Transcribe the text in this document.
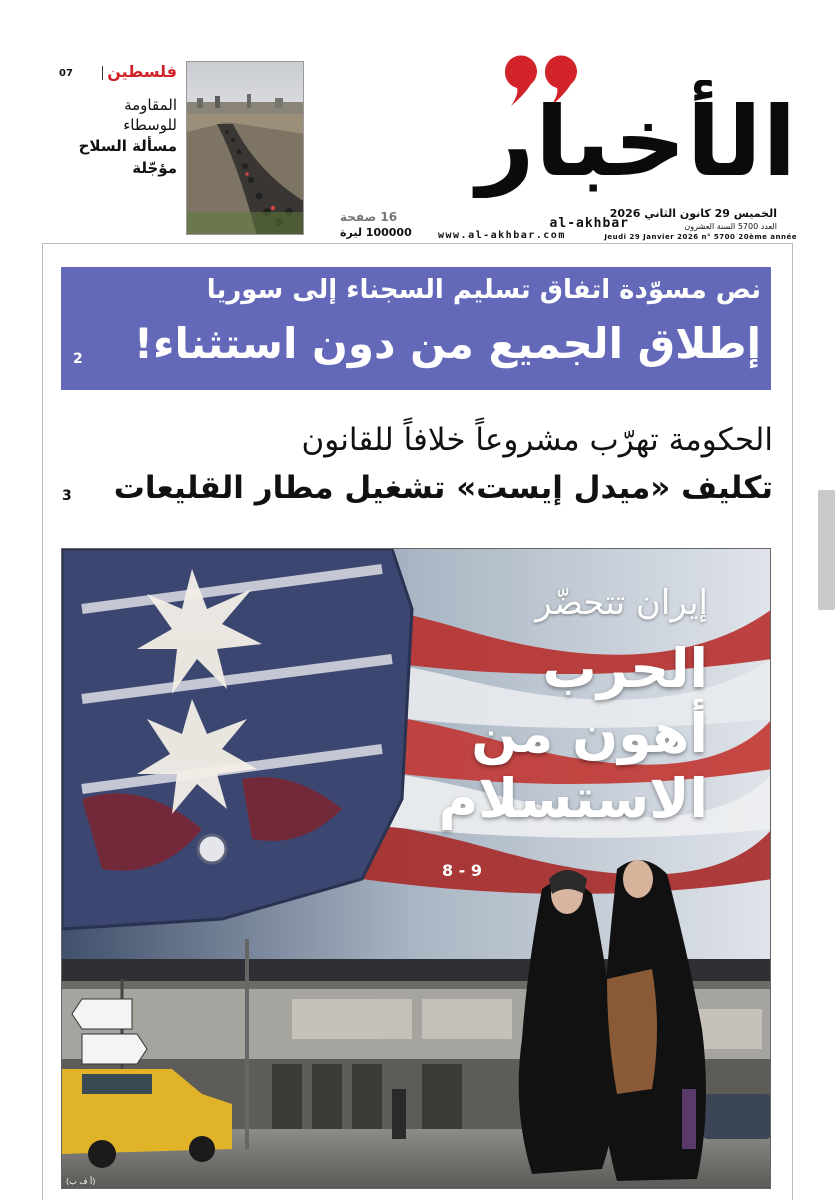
الأخبار
al-akhbar
الخميس 29 كانون الثاني 2026
العدد 5700 السنة العشرون
Jeudi 29 Janvier 2026 n° 5700 20ème année
www.al-akhbar.com
16 صفحة
100000 ليرة
فلسطين
07
المقاومة
للوسطاء
مسألة السلاح
مؤجّلة
نص مسوّدة اتفاق تسليم السجناء إلى سوريا
إطلاق الجميع من دون استثناء!
2
الحكومة تهرّب مشروعاً خلافاً للقانون
تكليف «ميدل إيست» تشغيل مطار القليعات
3
إيران تتحضّر
الحرب
أهون من
الاستسلام
8 - 9
(أ ف ب)
